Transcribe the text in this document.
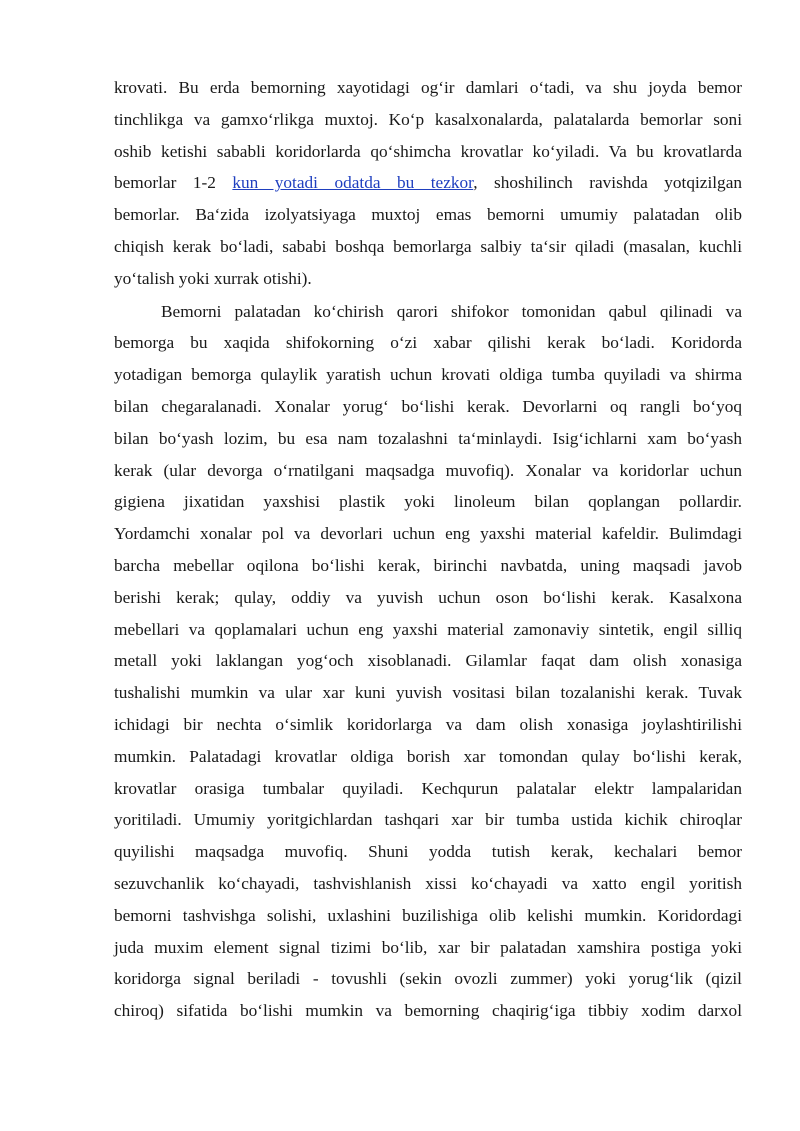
krovati. Bu erda bemorning xayotidagi og‘ir damlari o‘tadi, va shu joyda bemor
tinchlikga va gamxo‘rlikga muxtoj. Ko‘p kasalxonalarda, palatalarda bemorlar soni
oshib ketishi sababli koridorlarda qo‘shimcha krovatlar ko‘yiladi. Va bu krovatlarda
bemorlar 1-2 kun yotadi odatda bu tezkor, shoshilinch ravishda yotqizilgan
bemorlar. Ba‘zida izolyatsiyaga muxtoj emas bemorni umumiy palatadan olib
chiqish kerak bo‘ladi, sababi boshqa bemorlarga salbiy ta‘sir qiladi (masalan, kuchli
yo‘talish yoki xurrak otishi).
Bemorni palatadan ko‘chirish qarori shifokor tomonidan qabul qilinadi va
bemorga bu xaqida shifokorning o‘zi xabar qilishi kerak bo‘ladi. Koridorda
yotadigan bemorga qulaylik yaratish uchun krovati oldiga tumba quyiladi va shirma
bilan chegaralanadi. Xonalar yorug‘ bo‘lishi kerak. Devorlarni oq rangli bo‘yoq
bilan bo‘yash lozim, bu esa nam tozalashni ta‘minlaydi. Isig‘ichlarni xam bo‘yash
kerak (ular devorga o‘rnatilgani maqsadga muvofiq). Xonalar va koridorlar uchun
gigiena jixatidan yaxshisi plastik yoki linoleum bilan qoplangan pollardir.
Yordamchi xonalar pol va devorlari uchun eng yaxshi material kafeldir. Bulimdagi
barcha mebellar oqilona bo‘lishi kerak, birinchi navbatda, uning maqsadi javob
berishi kerak; qulay, oddiy va yuvish uchun oson bo‘lishi kerak. Kasalxona
mebellari va qoplamalari uchun eng yaxshi material zamonaviy sintetik, engil silliq
metall yoki laklangan yog‘och xisoblanadi. Gilamlar faqat dam olish xonasiga
tushalishi mumkin va ular xar kuni yuvish vositasi bilan tozalanishi kerak. Tuvak
ichidagi bir nechta o‘simlik koridorlarga va dam olish xonasiga joylashtirilishi
mumkin. Palatadagi krovatlar oldiga borish xar tomondan qulay bo‘lishi kerak,
krovatlar orasiga tumbalar quyiladi. Kechqurun palatalar elektr lampalaridan
yoritiladi. Umumiy yoritgichlardan tashqari xar bir tumba ustida kichik chiroqlar
quyilishi maqsadga muvofiq. Shuni yodda tutish kerak, kechalari bemor
sezuvchanlik ko‘chayadi, tashvishlanish xissi ko‘chayadi va xatto engil yoritish
bemorni tashvishga solishi, uxlashini buzilishiga olib kelishi mumkin. Koridordagi
juda muxim element signal tizimi bo‘lib, xar bir palatadan xamshira postiga yoki
koridorga signal beriladi - tovushli (sekin ovozli zummer) yoki yorug‘lik (qizil
chiroq) sifatida bo‘lishi mumkin va bemorning chaqirig‘iga tibbiy xodim darxol
